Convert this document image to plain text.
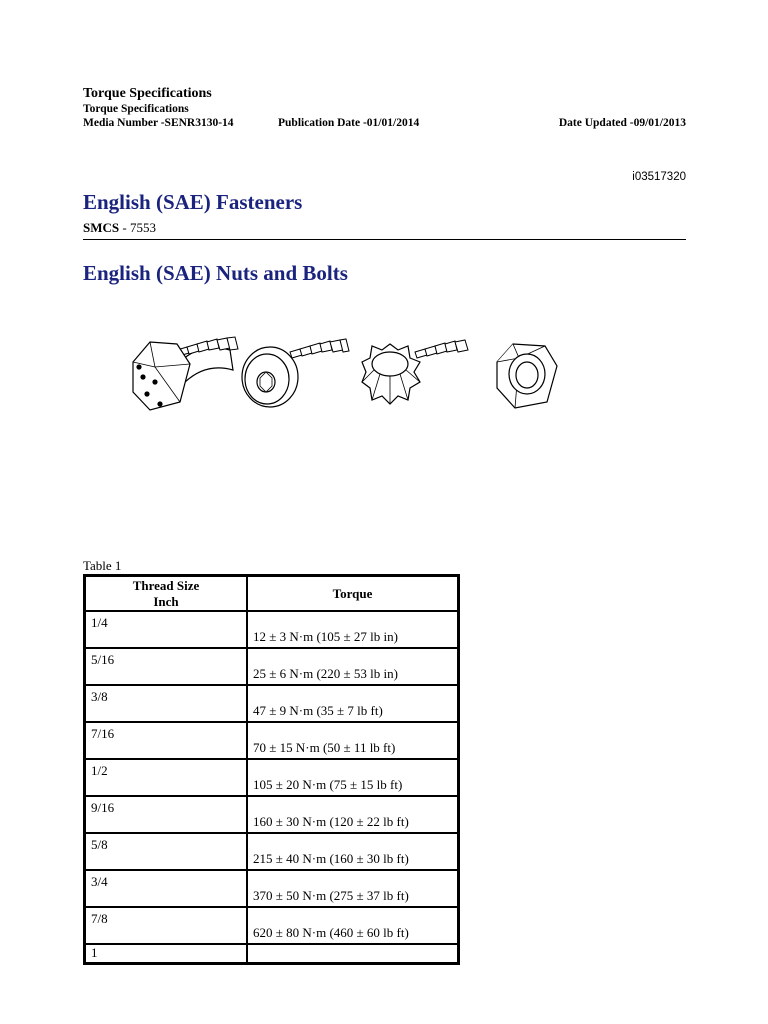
Torque Specifications
Torque Specifications
Media Number -SENR3130-14	Publication Date -01/01/2014	Date Updated -09/01/2013
i03517320
English (SAE) Fasteners
SMCS - 7553
English (SAE) Nuts and Bolts
Table 1
Thread Size
Inch	Torque
1/4	12 ± 3 N·m (105 ± 27 lb in)
5/16	25 ± 6 N·m (220 ± 53 lb in)
3/8	47 ± 9 N·m (35 ± 7 lb ft)
7/16	70 ± 15 N·m (50 ± 11 lb ft)
1/2	105 ± 20 N·m (75 ± 15 lb ft)
9/16	160 ± 30 N·m (120 ± 22 lb ft)
5/8	215 ± 40 N·m (160 ± 30 lb ft)
3/4	370 ± 50 N·m (275 ± 37 lb ft)
7/8	620 ± 80 N·m (460 ± 60 lb ft)
1	
